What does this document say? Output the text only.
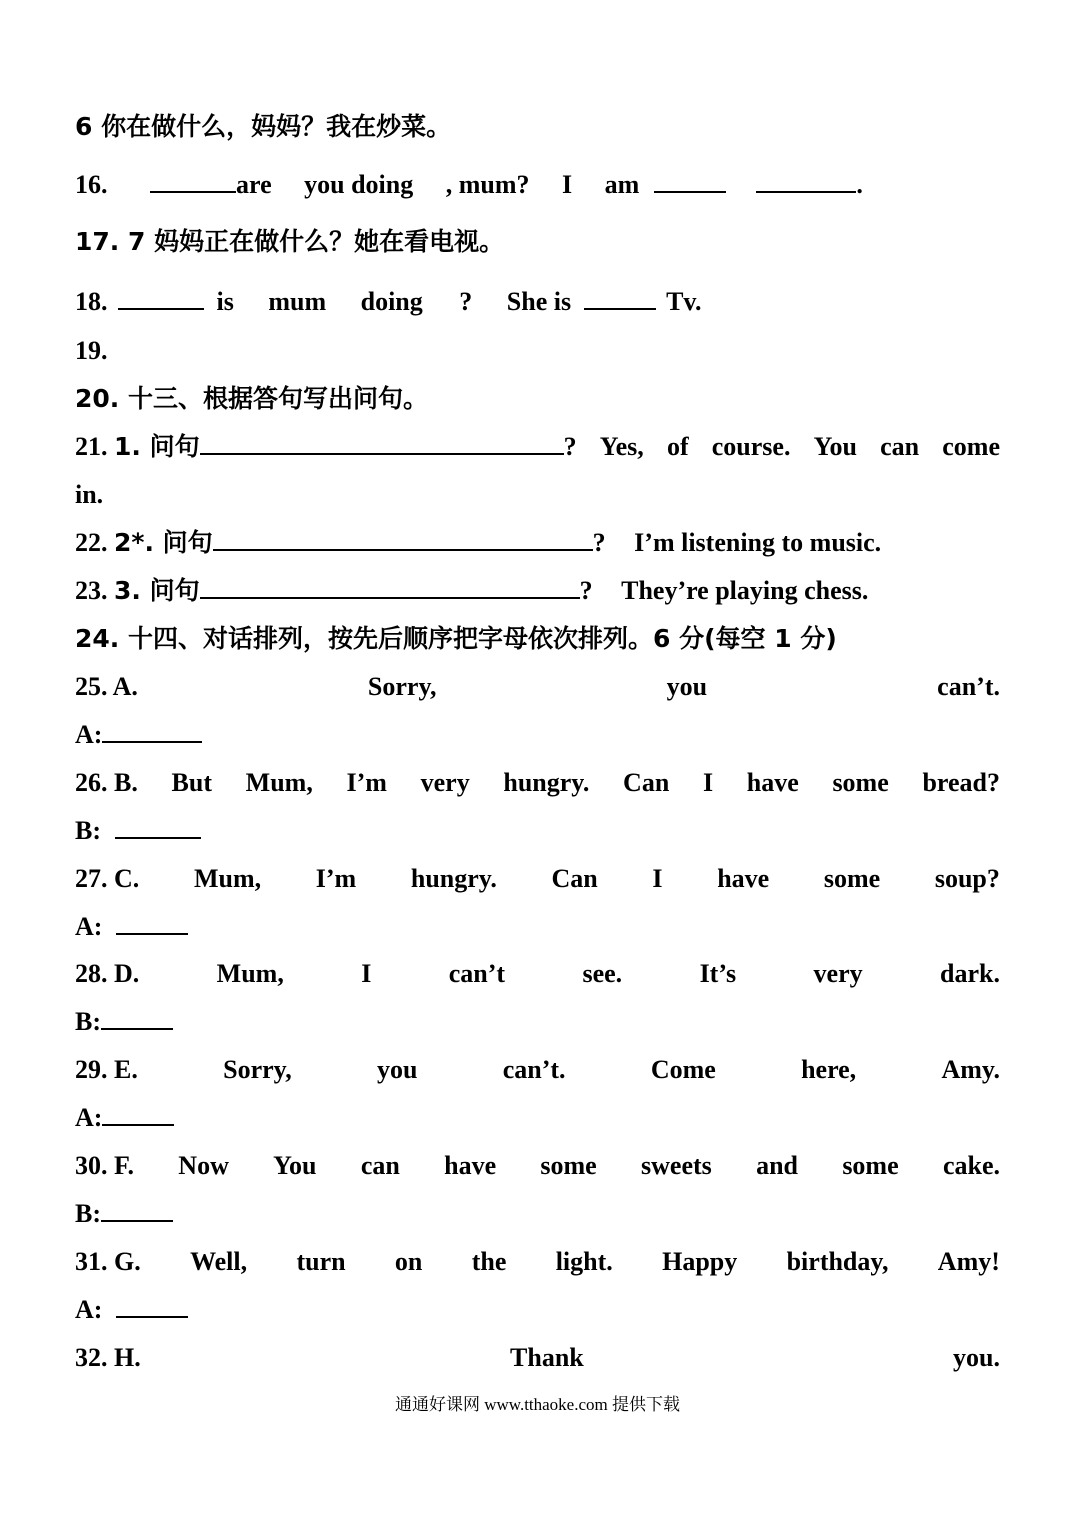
6 你在做什么，妈妈？我在炒菜。
16.	are you doing , mum? I am	.
17. 7 妈妈正在做什么？她在看电视。
18.	is mum doing ? She is	Tv.
19.
20. 十三、根据答句写出问句。
21. 1. 问句	? Yes, of course. You can come
in.
22. 2*. 问句	? I’m listening to music.
23. 3. 问句	? They’re playing chess.
24. 十四、对话排列，按先后顺序把字母依次排列。6 分(每空 1 分)
25. A.	Sorry,	you	can’t.
A:
26. B. But Mum, I’m very hungry. Can I have some bread?
B:
27. C. Mum, I’m hungry. Can I have some soup?
A:
28. D.	Mum,	I	can’t	see.	It’s	very	dark.
B:
29. E.	Sorry,	you	can’t.	Come	here,	Amy.
A:
30. F. Now You can have some sweets and some cake.
B:
31. G. Well, turn on the light. Happy birthday, Amy!
A:
32. H.	Thank	you.
通通好课网 www.tthaoke.com 提供下载
